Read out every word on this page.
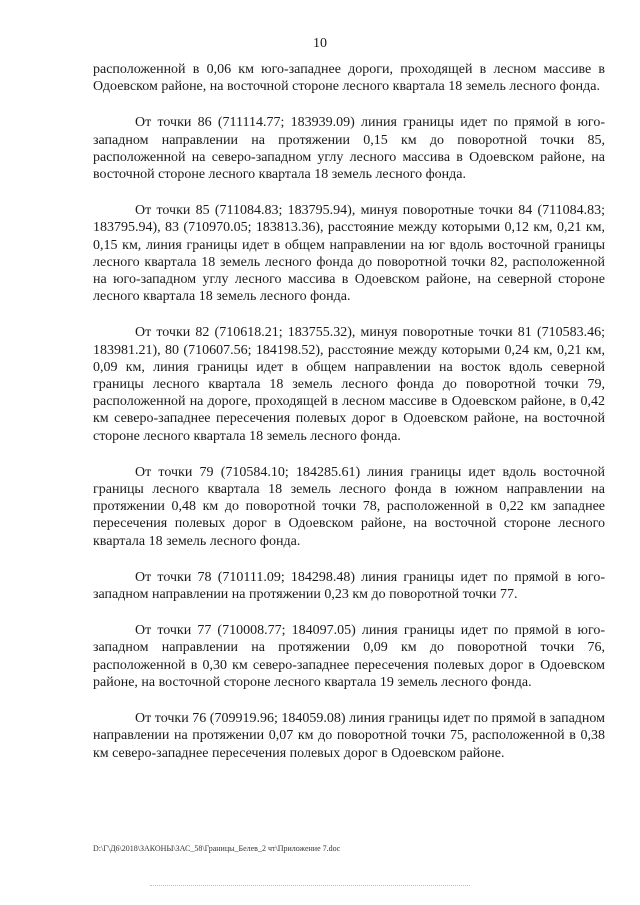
10

расположенной в 0,06 км юго-западнее дороги, проходящей в лесном массиве в Одоевском районе, на восточной стороне лесного квартала 18 земель лесного фонда.

От точки 86 (711114.77; 183939.09) линия границы идет по прямой в юго-западном направлении на протяжении 0,15 км до поворотной точки 85, расположенной на северо-западном углу лесного массива в Одоевском районе, на восточной стороне лесного квартала 18 земель лесного фонда.

От точки 85 (711084.83; 183795.94), минуя поворотные точки 84 (711084.83; 183795.94), 83 (710970.05; 183813.36), расстояние между которыми 0,12 км, 0,21 км, 0,15 км, линия границы идет в общем направлении на юг вдоль восточной границы лесного квартала 18 земель лесного фонда до поворотной точки 82, расположенной на юго-западном углу лесного массива в Одоевском районе, на северной стороне лесного квартала 18 земель лесного фонда.

От точки 82 (710618.21; 183755.32), минуя поворотные точки 81 (710583.46; 183981.21), 80 (710607.56; 184198.52), расстояние между которыми 0,24 км, 0,21 км, 0,09 км, линия границы идет в общем направлении на восток вдоль северной границы лесного квартала 18 земель лесного фонда до поворотной точки 79, расположенной на дороге, проходящей в лесном массиве в Одоевском районе, в 0,42 км северо-западнее пересечения полевых дорог в Одоевском районе, на восточной стороне лесного квартала 18 земель лесного фонда.

От точки 79 (710584.10; 184285.61) линия границы идет вдоль восточной границы лесного квартала 18 земель лесного фонда в южном направлении на протяжении 0,48 км до поворотной точки 78, расположенной в 0,22 км западнее пересечения полевых дорог в Одоевском районе, на восточной стороне лесного квартала 18 земель лесного фонда.

От точки 78 (710111.09; 184298.48) линия границы идет по прямой в юго-западном направлении на протяжении 0,23 км до поворотной точки 77.

От точки 77 (710008.77; 184097.05) линия границы идет по прямой в юго-западном направлении на протяжении 0,09 км до поворотной точки 76, расположенной в 0,30 км северо-западнее пересечения полевых дорог в Одоевском районе, на восточной стороне лесного квартала 19 земель лесного фонда.

От точки 76 (709919.96; 184059.08) линия границы идет по прямой в западном направлении на протяжении 0,07 км до поворотной точки 75, расположенной в 0,38 км северо-западнее пересечения полевых дорог в Одоевском районе.

D:\Г\Д6\2018\ЗАКОНЫ\ЗАС_58\Границы_Белев_2 чт\Приложение 7.doc
